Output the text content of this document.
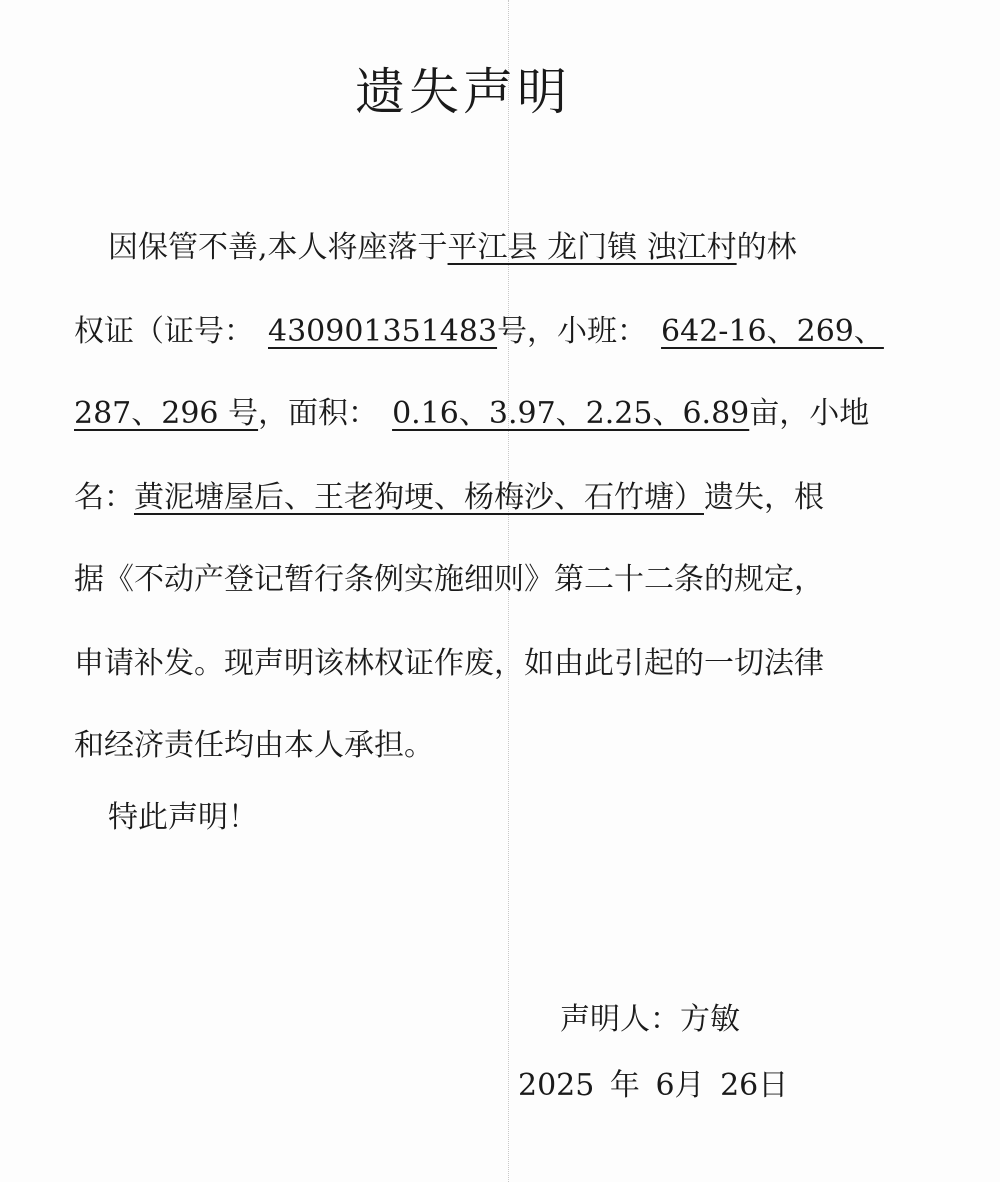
遗失声明
因保管不善,本人将座落于平江县 龙门镇 浊江村的林
权证（证号： 430901351483号，小班： 642-16、269、
287、296 号，面积： 0.16、3.97、2.25、6.89亩，小地
名：黄泥塘屋后、王老狗埂、杨梅沙、石竹塘）遗失，根
据《不动产登记暂行条例实施细则》第二十二条的规定，
申请补发。现声明该林权证作废，如由此引起的一切法律
和经济责任均由本人承担。
特此声明！
声明人：方敏
2025 年 6月 26日
